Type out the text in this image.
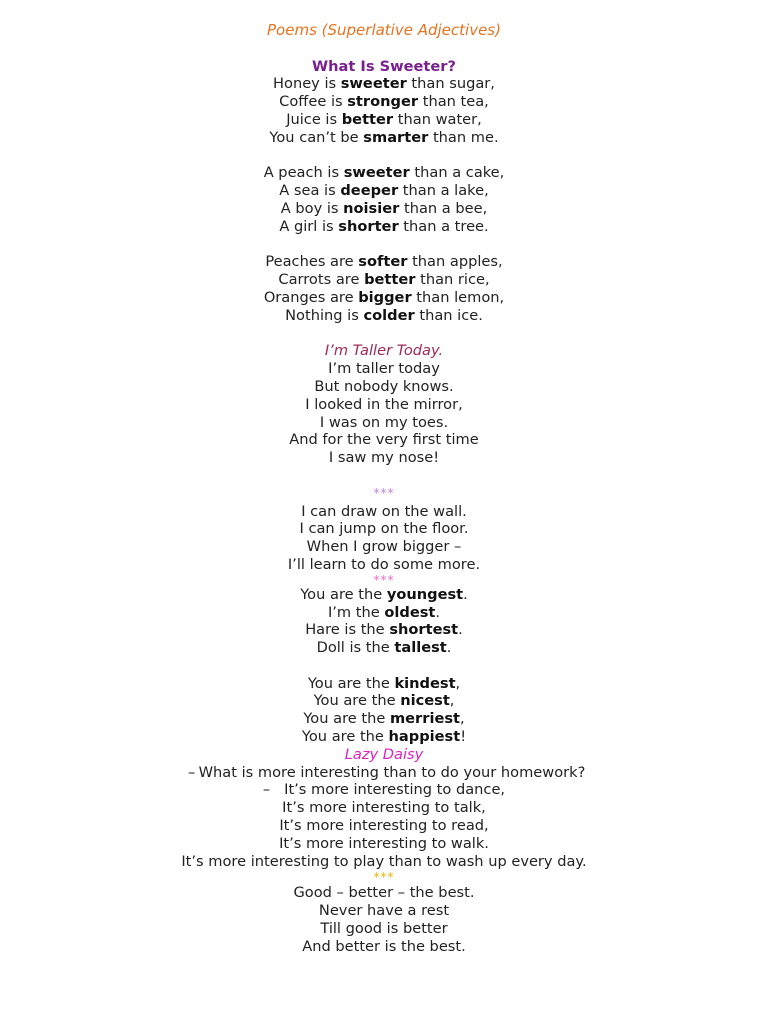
Poems (Superlative Adjectives)
What Is Sweeter?
Honey is sweeter than sugar,
Coffee is stronger than tea,
Juice is better than water,
You can’t be smarter than me.
A peach is sweeter than a cake,
A sea is deeper than a lake,
A boy is noisier than a bee,
A girl is shorter than a tree.
Peaches are softer than apples,
Carrots are better than rice,
Oranges are bigger than lemon,
Nothing is colder than ice.
I’m Taller Today.
I’m taller today
But nobody knows.
I looked in the mirror,
I was on my toes.
And for the very first time
I saw my nose!
***
I can draw on the wall.
I can jump on the floor.
When I grow bigger –
I’ll learn to do some more.
***
You are the youngest.
I’m the oldest.
Hare is the shortest.
Doll is the tallest.
You are the kindest,
You are the nicest,
You are the merriest,
You are the happiest!
Lazy Daisy
– What is more interesting than to do your homework?
– It’s more interesting to dance,
It’s more interesting to talk,
It’s more interesting to read,
It’s more interesting to walk.
It’s more interesting to play than to wash up every day.
***
Good – better – the best.
Never have a rest
Till good is better
And better is the best.
